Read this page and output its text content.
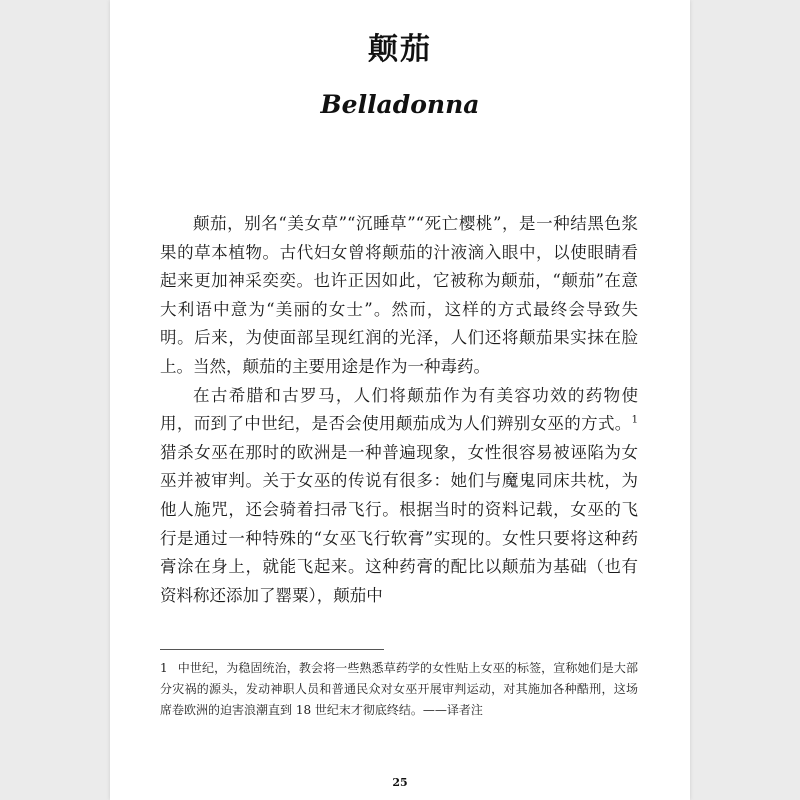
颠茄
Belladonna

颠茄，别名“美女草”“沉睡草”“死亡樱桃”，是一种结黑色浆果的草本植物。古代妇女曾将颠茄的汁液滴入眼中，以使眼睛看起来更加神采奕奕。也许正因如此，它被称为颠茄，“颠茄”在意大利语中意为“美丽的女士”。然而，这样的方式最终会导致失明。后来，为使面部呈现红润的光泽，人们还将颠茄果实抹在脸上。当然，颠茄的主要用途是作为一种毒药。

在古希腊和古罗马，人们将颠茄作为有美容功效的药物使用，而到了中世纪，是否会使用颠茄成为人们辨别女巫的方式。$^1$猎杀女巫在那时的欧洲是一种普遍现象，女性很容易被诬陷为女巫并被审判。关于女巫的传说有很多：她们与魔鬼同床共枕，为他人施咒，还会骑着扫帚飞行。根据当时的资料记载，女巫的飞行是通过一种特殊的“女巫飞行软膏”实现的。女性只要将这种药膏涂在身上，就能飞起来。这种药膏的配比以颠茄为基础（也有资料称还添加了罂粟），颠茄中

1 中世纪，为稳固统治，教会将一些熟悉草药学的女性贴上女巫的标签，宣称她们是大部分灾祸的源头，发动神职人员和普通民众对女巫开展审判运动，对其施加各种酷刑，这场席卷欧洲的迫害浪潮直到 18 世纪末才彻底终结。——译者注
25
